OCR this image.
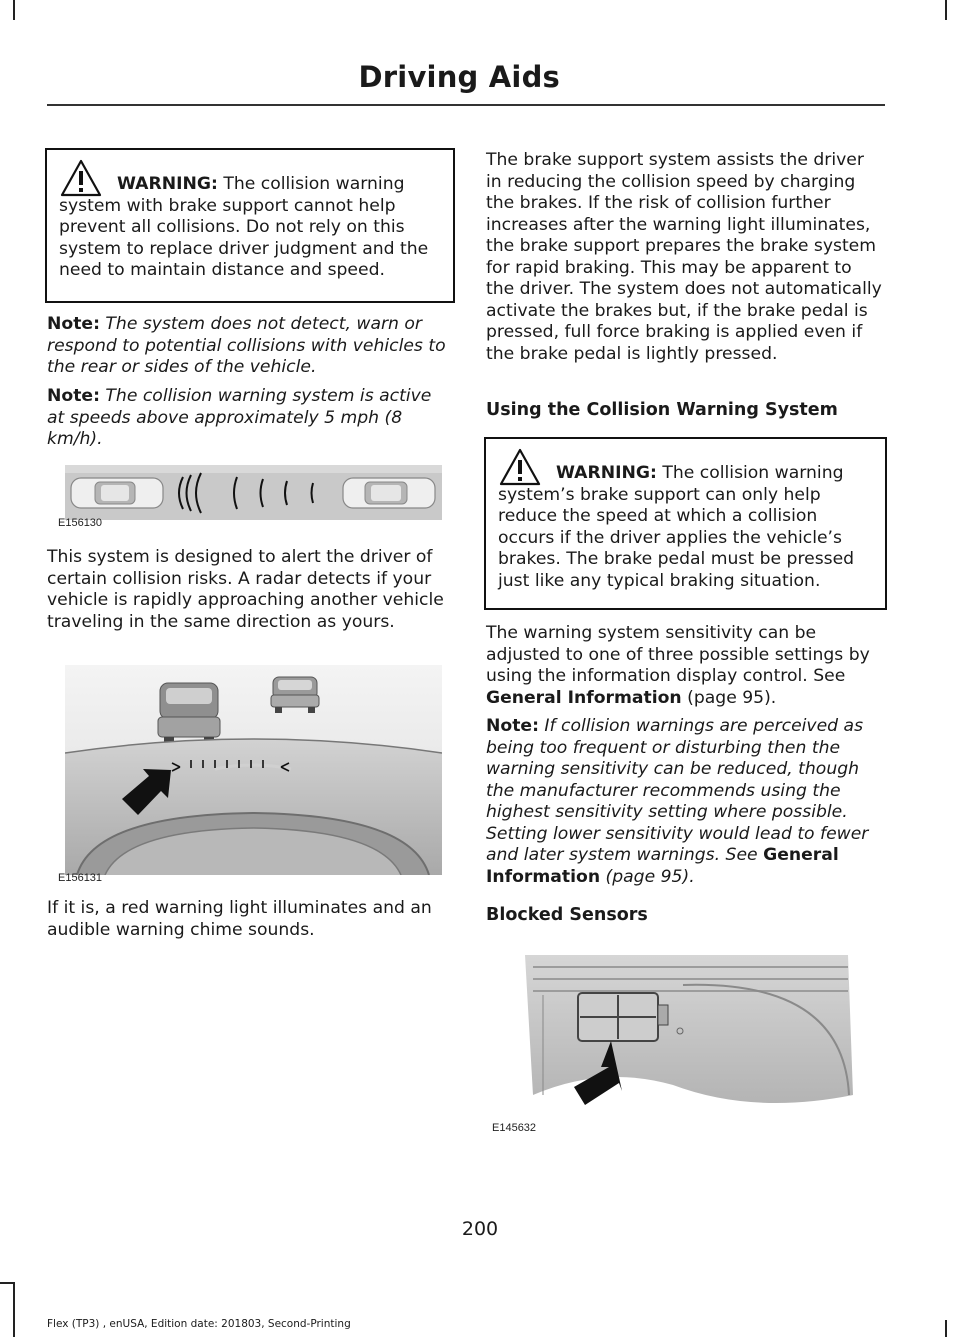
Driving Aids

WARNING: The collision warning system with brake support cannot help prevent all collisions. Do not rely on this system to replace driver judgment and the need to maintain distance and speed.

Note: The system does not detect, warn or respond to potential collisions with vehicles to the rear or sides of the vehicle.

Note: The collision warning system is active at speeds above approximately 5 mph (8 km/h).

E156130

This system is designed to alert the driver of certain collision risks. A radar detects if your vehicle is rapidly approaching another vehicle traveling in the same direction as yours.

E156131

If it is, a red warning light illuminates and an audible warning chime sounds.

The brake support system assists the driver in reducing the collision speed by charging the brakes. If the risk of collision further increases after the warning light illuminates, the brake support prepares the brake system for rapid braking. This may be apparent to the driver. The system does not automatically activate the brakes but, if the brake pedal is pressed, full force braking is applied even if the brake pedal is lightly pressed.

Using the Collision Warning System

WARNING: The collision warning system’s brake support can only help reduce the speed at which a collision occurs if the driver applies the vehicle’s brakes. The brake pedal must be pressed just like any typical braking situation.

The warning system sensitivity can be adjusted to one of three possible settings by using the information display control. See General Information (page 95).

Note: If collision warnings are perceived as being too frequent or disturbing then the warning sensitivity can be reduced, though the manufacturer recommends using the highest sensitivity setting where possible. Setting lower sensitivity would lead to fewer and later system warnings. See General Information (page 95).

Blocked Sensors
E145632
200
Flex (TP3) , enUSA, Edition date: 201803, Second-Printing
